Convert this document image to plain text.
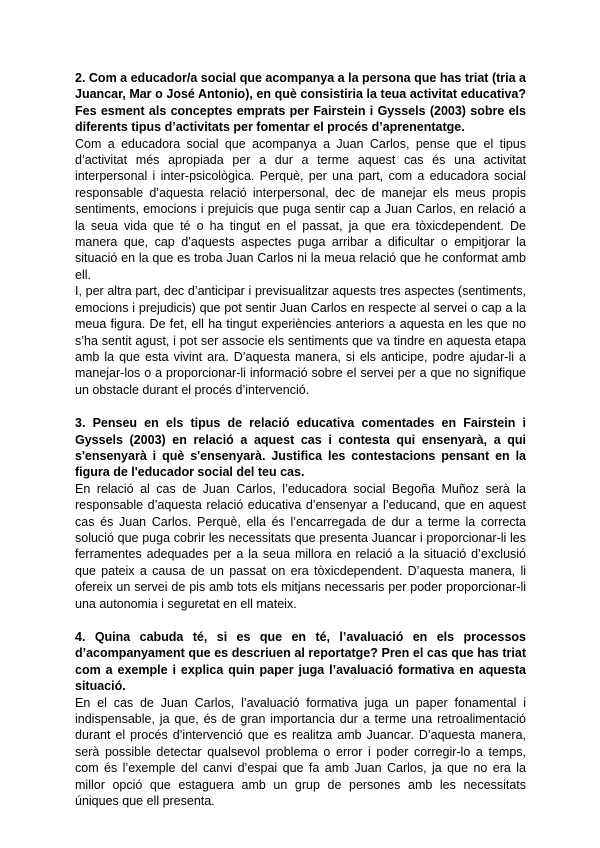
2. Com a educador/a social que acompanya a la persona que has triat (tria a Juancar, Mar o José Antonio), en què consistiria la teua activitat educativa? Fes esment als conceptes emprats per Fairstein i Gyssels (2003) sobre els diferents tipus d’activitats per fomentar el procés d’aprenentatge.

Com a educadora social que acompanya a Juan Carlos, pense que el tipus d’activitat més apropiada per a dur a terme aquest cas és una activitat interpersonal i inter-psicològica. Perquè, per una part, com a educadora social responsable d’aquesta relació interpersonal, dec de manejar els meus propis sentiments, emocions i prejuicis que puga sentir cap a Juan Carlos, en relació a la seua vida que té o ha tingut en el passat, ja que era tòxicdependent. De manera que, cap d’aquests aspectes puga arribar a dificultar o empitjorar la situació en la que es troba Juan Carlos ni la meua relació que he conformat amb ell.

I, per altra part, dec d’anticipar i previsualitzar aquests tres aspectes (sentiments, emocions i prejudicis) que pot sentir Juan Carlos en respecte al servei o cap a la meua figura. De fet, ell ha tingut experiències anteriors a aquesta en les que no s’ha sentit agust, i pot ser associe els sentiments que va tindre en aquesta etapa amb la que esta vivint ara. D’aquesta manera, si els anticipe, podre ajudar-li a manejar-los o a proporcionar-li informació sobre el servei per a que no signifique un obstacle durant el procés d’intervenció.

3. Penseu en els tipus de relació educativa comentades en Fairstein i Gyssels (2003) en relació a aquest cas i contesta qui ensenyarà, a qui s'ensenyarà i què s'ensenyarà. Justifica les contestacions pensant en la figura de l'educador social del teu cas.

En relació al cas de Juan Carlos, l’educadora social Begoña Muñoz serà la responsable d’aquesta relació educativa d’ensenyar a l’educand, que en aquest cas és Juan Carlos. Perquè, ella és l’encarregada de dur a terme la correcta solució que puga cobrir les necessitats que presenta Juancar i proporcionar-li les ferramentes adequades per a la seua millora en relació a la situació d’exclusió que pateix a causa de un passat on era tòxicdependent. D’aquesta manera, li ofereix un servei de pis amb tots els mitjans necessaris per poder proporcionar-li una autonomia i seguretat en ell mateix.

4. Quina cabuda té, si es que en té, l’avaluació en els processos d’acompanyament que es descriuen al reportatge? Pren el cas que has triat com a exemple i explica quin paper juga l’avaluació formativa en aquesta situació.

En el cas de Juan Carlos, l’avaluació formativa juga un paper fonamental i indispensable, ja que, és de gran importancia dur a terme una retroalimentació durant el procés d’intervenció que es realitza amb Juancar. D’aquesta manera, serà possible detectar qualsevol problema o error i poder corregir-lo a temps, com és l’exemple del canvi d’espai que fa amb Juan Carlos, ja que no era la millor opció que estaguera amb un grup de persones amb les necessitats úniques que ell presenta.
